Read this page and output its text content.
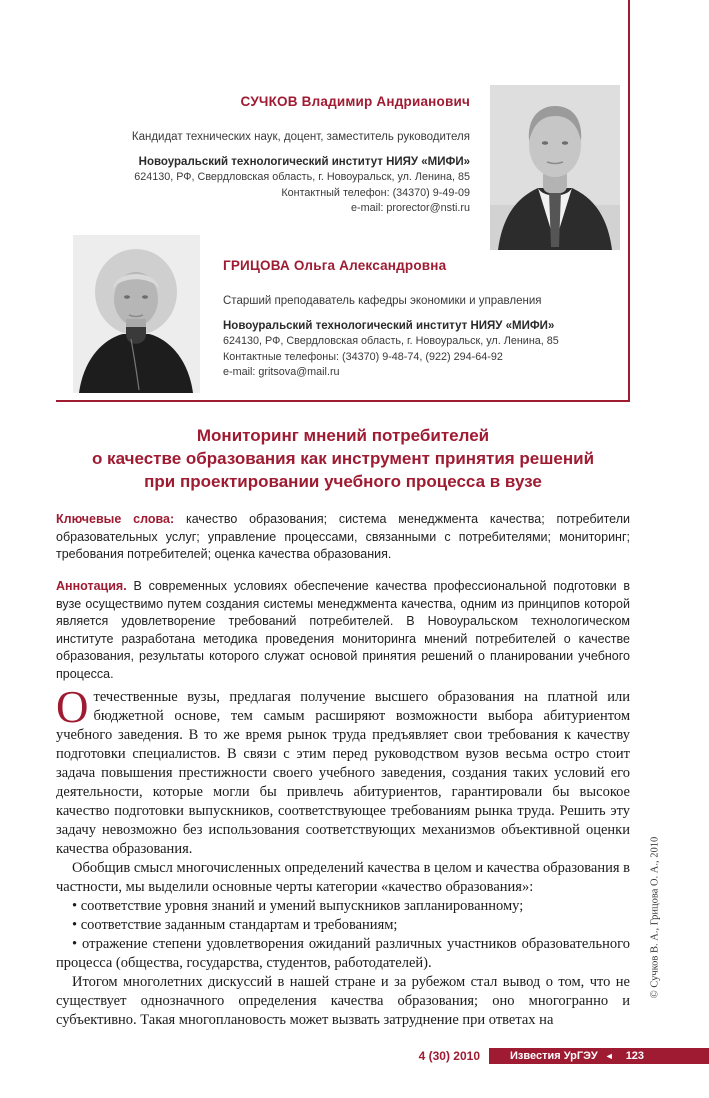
СУЧКОВ Владимир Андрианович
Кандидат технических наук, доцент, заместитель руководителя
Новоуральский технологический институт НИЯУ «МИФИ»
624130, РФ, Свердловская область, г. Новоуральск, ул. Ленина, 85
Контактный телефон: (34370) 9-49-09
e-mail: prorector@nsti.ru
ГРИЦОВА Ольга Александровна
Старший преподаватель кафедры экономики и управления
Новоуральский технологический институт НИЯУ «МИФИ»
624130, РФ, Свердловская область, г. Новоуральск, ул. Ленина, 85
Контактные телефоны: (34370) 9-48-74, (922) 294-64-92
e-mail: gritsova@mail.ru
Мониторинг мнений потребителей
о качестве образования как инструмент принятия решений
при проектировании учебного процесса в вузе
Ключевые слова: качество образования; система менеджмента качества; потребители образовательных услуг; управление процессами, связанными с потребителями; мониторинг; требования потребителей; оценка качества образования.
Аннотация. В современных условиях обеспечение качества профессиональной подготовки в вузе осуществимо путем создания системы менеджмента качества, одним из принципов которой является удовлетворение требований потребителей. В Новоуральском технологическом институте разработана методика проведения мониторинга мнений потребителей о качестве образования, результаты которого служат основой принятия решений о планировании учебного процесса.

Отечественные вузы, предлагая получение высшего образования на платной или бюджетной основе, тем самым расширяют возможности выбора абитуриентом учебного заведения. В то же время рынок труда предъявляет свои требования к качеству подготовки специалистов. В связи с этим перед руководством вузов весьма остро стоит задача повышения престижности своего учебного заведения, создания таких условий его деятельности, которые могли бы привлечь абитуриентов, гарантировали бы высокое качество подготовки выпускников, соответствующее требованиям рынка труда. Решить эту задачу невозможно без использования соответствующих механизмов объективной оценки качества образования.

Обобщив смысл многочисленных определений качества в целом и качества образования в частности, мы выделили основные черты категории «качество образования»:

• соответствие уровня знаний и умений выпускников запланированному;

• соответствие заданным стандартам и требованиям;

• отражение степени удовлетворения ожиданий различных участников образовательного процесса (общества, государства, студентов, работодателей).

Итогом многолетних дискуссий в нашей стране и за рубежом стал вывод о том, что не существует однозначного определения качества образования; оно многогранно и субъективно. Такая многоплановость может вызвать затруднение при ответах на

© Сучков В. А., Грицова О. А., 2010
4 (30) 2010	Известия УрГЭУ ◄ 123
